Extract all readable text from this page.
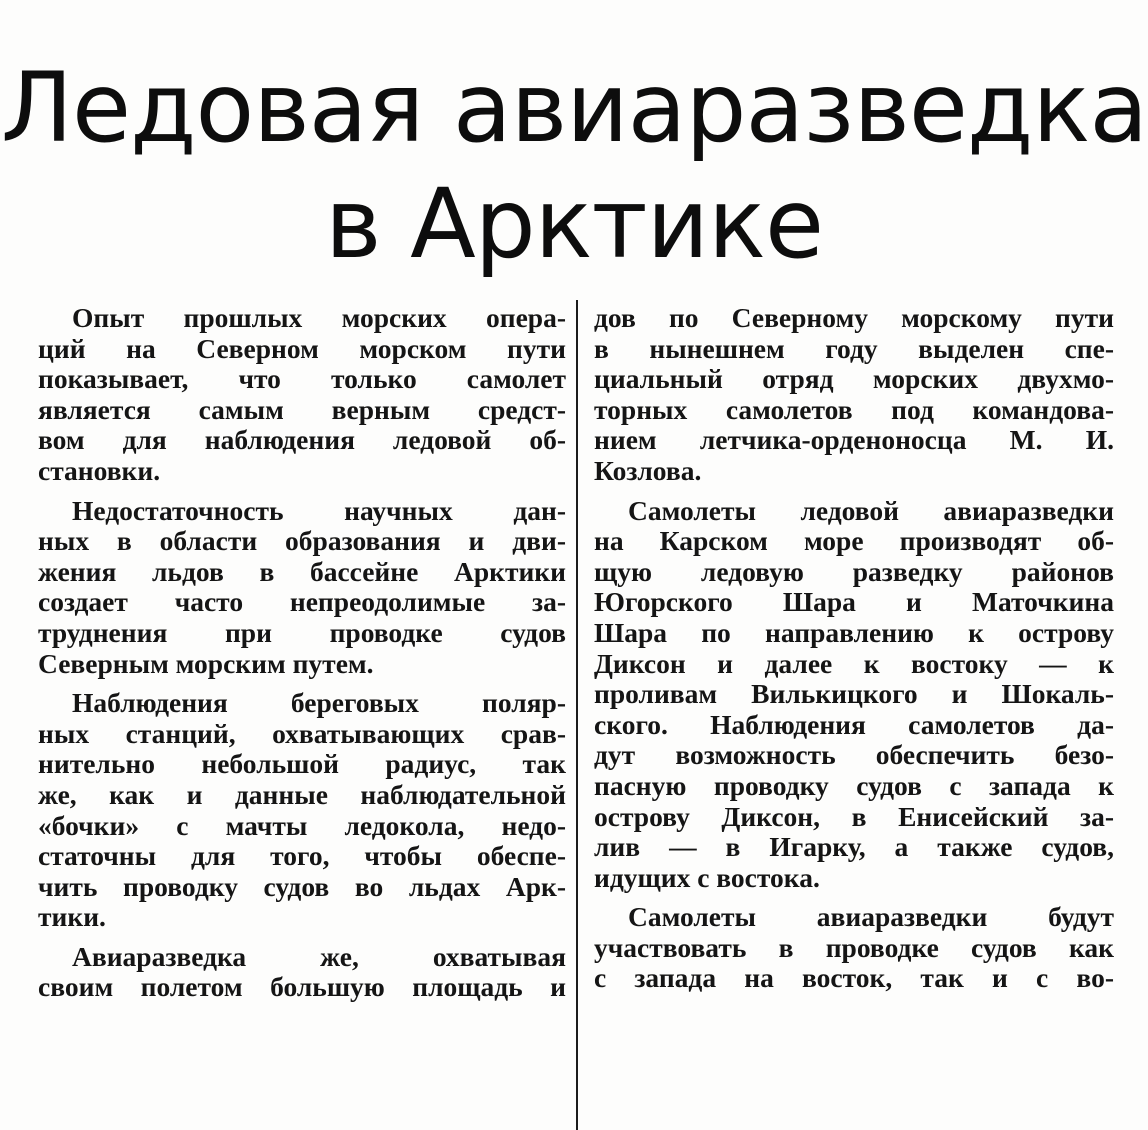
Ледовая авиаразведка
в Арктике
Опыт прошлых морских опера-
ций на Северном морском пути
показывает, что только самолет
является самым верным средст-
вом для наблюдения ледовой об-
становки.
Недостаточность научных дан-
ных в области образования и дви-
жения льдов в бассейне Арктики
создает часто непреодолимые за-
труднения при проводке судов
Северным морским путем.
Наблюдения береговых поляр-
ных станций, охватывающих срав-
нительно небольшой радиус, так
же, как и данные наблюдательной
«бочки» с мачты ледокола, недо-
статочны для того, чтобы обеспе-
чить проводку судов во льдах Арк-
тики.
Авиаразведка же, охватывая
своим полетом большую площадь и
дов по Северному морскому пути
в нынешнем году выделен спе-
циальный отряд морских двухмо-
торных самолетов под командова-
нием летчика-орденоносца М. И.
Козлова.
Самолеты ледовой авиаразведки
на Карском море производят об-
щую ледовую разведку районов
Югорского Шара и Маточкина
Шара по направлению к острову
Диксон и далее к востоку — к
проливам Вилькицкого и Шокаль-
ского. Наблюдения самолетов да-
дут возможность обеспечить безо-
пасную проводку судов с запада к
острову Диксон, в Енисейский за-
лив — в Игарку, а также судов,
идущих с востока.
Самолеты авиаразведки будут
участвовать в проводке судов как
с запада на восток, так и с во-
